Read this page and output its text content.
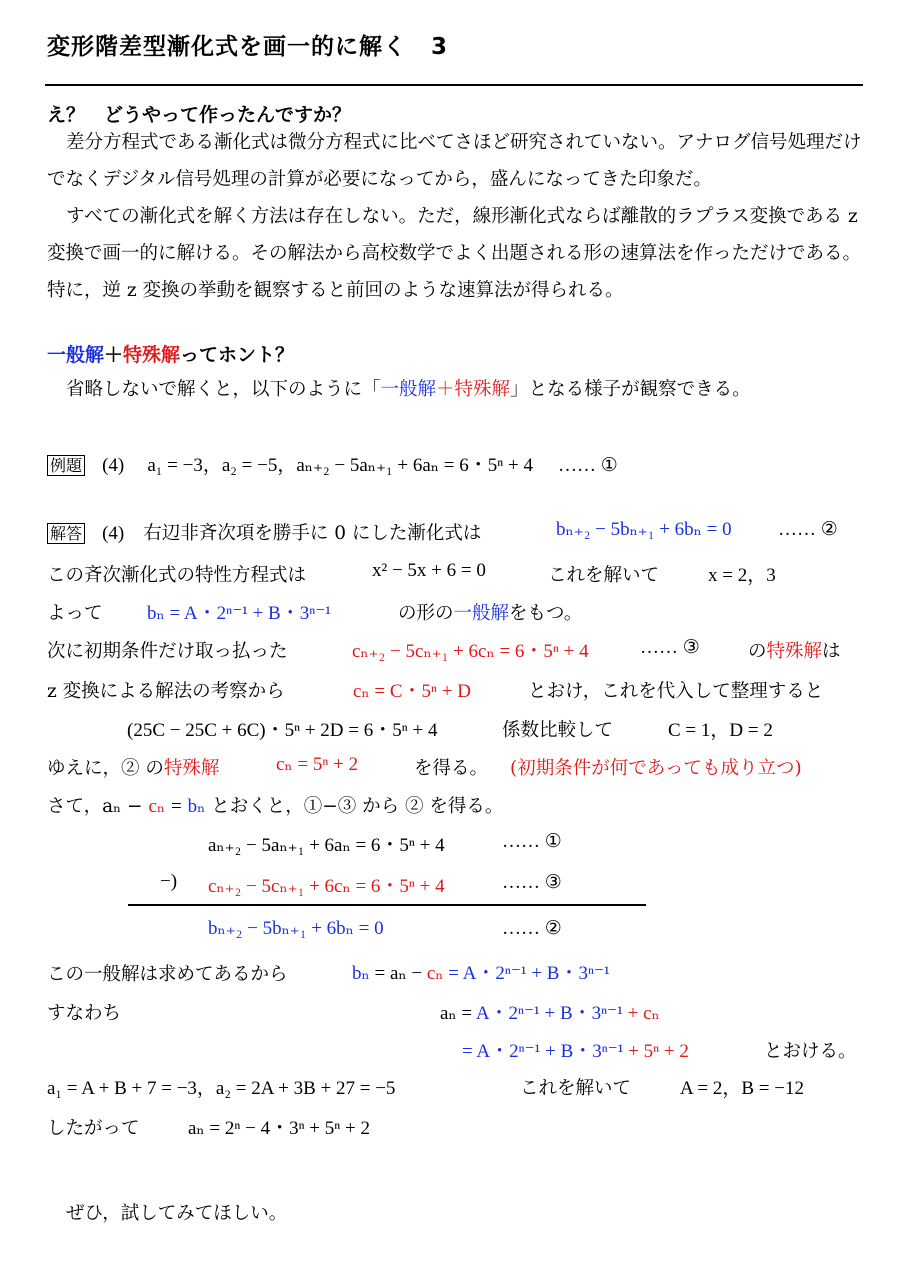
変形階差型漸化式を画一的に解く　3
え？　どうやって作ったんですか？
差分方程式である漸化式は微分方程式に比べてさほど研究されていない。アナログ信号処理だけでなくデジタル信号処理の計算が必要になってから，盛んになってきた印象だ。
すべての漸化式を解く方法は存在しない。ただ，線形漸化式ならば離散的ラプラス変換である z 変換で画一的に解ける。その解法から高校数学でよく出題される形の速算法を作っただけである。特に，逆 z 変換の挙動を観察すると前回のような速算法が得られる。
一般解＋特殊解ってホント？
省略しないで解くと，以下のように「一般解＋特殊解」となる様子が観察できる。
例題 (4) a₁ = −3，a₂ = −5，aₙ₊₂ − 5aₙ₊₁ + 6aₙ = 6・5ⁿ + 4 …… ①
解答 (4) 右辺非斉次項を勝手に 0 にした漸化式は	bₙ₊₂ − 5bₙ₊₁ + 6bₙ = 0 …… ②
この斉次漸化式の特性方程式は	x² − 5x + 6 = 0	これを解いて	x = 2，3
よって bₙ = A・2ⁿ⁻¹ + B・3ⁿ⁻¹	の形の一般解をもつ。
次に初期条件だけ取っ払った	cₙ₊₂ − 5cₙ₊₁ + 6cₙ = 6・5ⁿ + 4	…… ③	の特殊解は
z 変換による解法の考察から	cₙ = C・5ⁿ + D	とおけ，これを代入して整理すると
(25C − 25C + 6C)・5ⁿ + 2D = 6・5ⁿ + 4	係数比較して	C = 1，D = 2
ゆえに，② の特殊解	cₙ = 5ⁿ + 2	を得る。 (初期条件が何であっても成り立つ)
さて，aₙ − cₙ = bₙ とおくと，①−③ から ② を得る。
aₙ₊₂ − 5aₙ₊₁ + 6aₙ = 6・5ⁿ + 4	…… ①
−) cₙ₊₂ − 5cₙ₊₁ + 6cₙ = 6・5ⁿ + 4	…… ③
bₙ₊₂ − 5bₙ₊₁ + 6bₙ = 0	…… ②
この一般解は求めてあるから	bₙ = aₙ − cₙ = A・2ⁿ⁻¹ + B・3ⁿ⁻¹
すなわち	aₙ = A・2ⁿ⁻¹ + B・3ⁿ⁻¹ + cₙ
= A・2ⁿ⁻¹ + B・3ⁿ⁻¹ + 5ⁿ + 2	とおける。
a₁ = A + B + 7 = −3，a₂ = 2A + 3B + 27 = −5	これを解いて	A = 2，B = −12
したがって	aₙ = 2ⁿ − 4・3ⁿ + 5ⁿ + 2
ぜひ，試してみてほしい。
